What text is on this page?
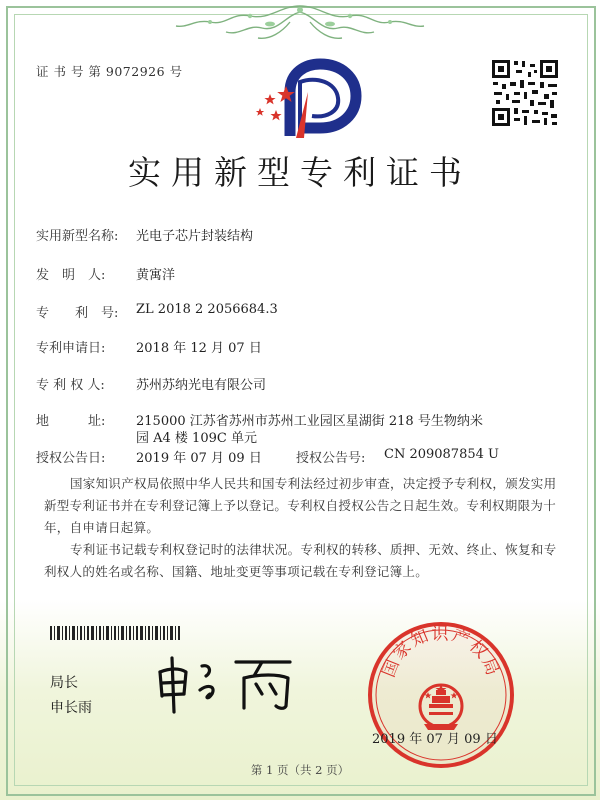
证 书 号 第 9072926 号
实用新型专利证书
实用新型名称: 光电子芯片封装结构
发　明　人: 黄寓洋
专　　利　号: ZL 2018 2 2056684.3
专利申请日: 2018 年 12 月 07 日
专 利 权 人: 苏州苏纳光电有限公司
地　　　址: 215000 江苏省苏州市苏州工业园区星湖街 218 号生物纳米
园 A4 楼 109C 单元
授权公告日: 2019 年 07 月 09 日	授权公告号: CN 209087854 U
国家知识产权局依照中华人民共和国专利法经过初步审查，决定授予专利权，颁发实用新型专利证书并在专利登记簿上予以登记。专利权自授权公告之日起生效。专利权期限为十年，自申请日起算。
专利证书记载专利权登记时的法律状况。专利权的转移、质押、无效、终止、恢复和专利权人的姓名或名称、国籍、地址变更等事项记载在专利登记簿上。
局长
申长雨
国家知识产权局
2019 年 07 月 09 日
第 1 页（共 2 页）
